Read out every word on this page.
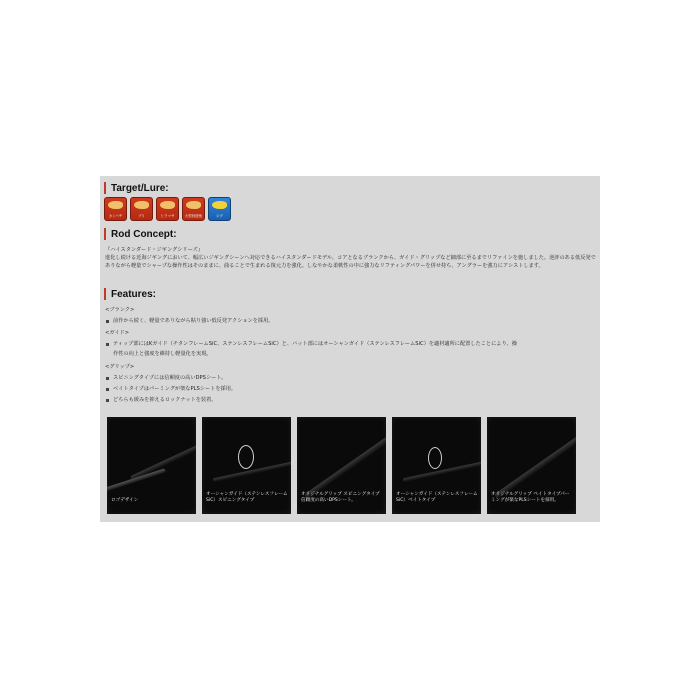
Target/Lure:
カンパチ	ブリ	ヒラマサ	大型回遊魚	ジグ
Rod Concept:
『ハイスタンダード・ジギングシリーズ』
進化し続ける近海ジギングにおいて、幅広いジギングシーンへ対応できるハイスタンダードモデル。コアとなるブランクから、ガイド・グリップなど細部に至るまでリファインを施しました。逆評のある低反発でありながら軽量でシャープな操作性はそのままに、曲ることで生まれる復元力を強化。しなやかな柔軟性の中に強力なリフティングパワーを併せ持ち、アングラーを強力にアシストします。
Features:
<ブランク>
前作から続く、軽量でありながら粘り強い低反発アクションを採用。
<ガイド>
ティップ部にはKガイド（チタンフレームSiC、ステンレスフレームSiC）と、バット部にはオーシャンガイド（ステンレスフレームSiC）を適材適所に配置したことにより、操
作性の向上と強度を維持し軽量化を実現。
<グリップ>
スピニングタイプには信頼度の高いDPSシート。
ベイトタイプはパーミングが楽なPLSシートを採用。
どちらも緩みを抑えるロックナットを装着。
ロゴデザイン
オーシャンガイド（ステンレスフレームSiC）スピニングタイプ
オリジナルグリップ スピニングタイプ信頼度の高いDPSシート。
オーシャンガイド（ステンレスフレームSiC）ベイトタイプ
オリジナルグリップ ベイトタイプパーミングが楽なPLSシートを採用。
